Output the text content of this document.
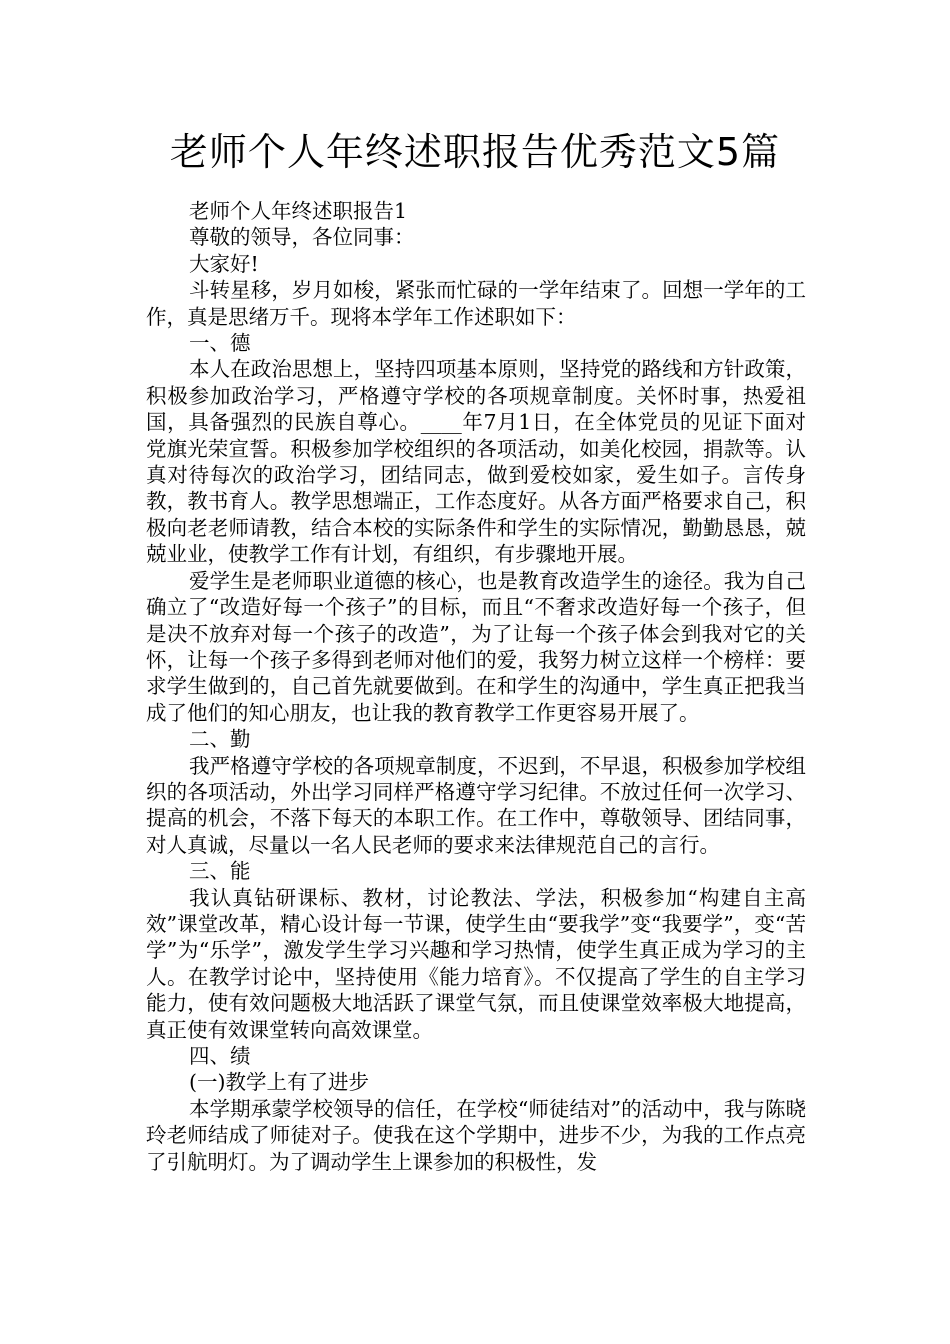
老师个人年终述职报告优秀范文5篇

老师个人年终述职报告1

尊敬的领导，各位同事：

大家好!

斗转星移，岁月如梭，紧张而忙碌的一学年结束了。回想一学年的工作，真是思绪万千。现将本学年工作述职如下：

一、德

本人在政治思想上，坚持四项基本原则，坚持党的路线和方针政策，积极参加政治学习，严格遵守学校的各项规章制度。关怀时事，热爱祖国，具备强烈的民族自尊心。____年7月1日，在全体党员的见证下面对党旗光荣宣誓。积极参加学校组织的各项活动，如美化校园，捐款等。认真对待每次的政治学习，团结同志，做到爱校如家，爱生如子。言传身教，教书育人。教学思想端正，工作态度好。从各方面严格要求自己，积极向老老师请教，结合本校的实际条件和学生的实际情况，勤勤恳恳，兢兢业业，使教学工作有计划，有组织，有步骤地开展。

爱学生是老师职业道德的核心，也是教育改造学生的途径。我为自己确立了“改造好每一个孩子”的目标，而且“不奢求改造好每一个孩子，但是决不放弃对每一个孩子的改造”，为了让每一个孩子体会到我对它的关怀，让每一个孩子多得到老师对他们的爱，我努力树立这样一个榜样：要求学生做到的，自己首先就要做到。在和学生的沟通中，学生真正把我当成了他们的知心朋友，也让我的教育教学工作更容易开展了。

二、勤

我严格遵守学校的各项规章制度，不迟到，不早退，积极参加学校组织的各项活动，外出学习同样严格遵守学习纪律。不放过任何一次学习、提高的机会，不落下每天的本职工作。在工作中，尊敬领导、团结同事，对人真诚，尽量以一名人民老师的要求来法律规范自己的言行。

三、能

我认真钻研课标、教材，讨论教法、学法，积极参加“构建自主高效”课堂改革，精心设计每一节课，使学生由“要我学”变“我要学”，变“苦学”为“乐学”，激发学生学习兴趣和学习热情，使学生真正成为学习的主人。在教学讨论中，坚持使用《能力培育》。不仅提高了学生的自主学习能力，使有效问题极大地活跃了课堂气氛，而且使课堂效率极大地提高，真正使有效课堂转向高效课堂。

四、绩

(一)教学上有了进步

本学期承蒙学校领导的信任，在学校“师徒结对”的活动中，我与陈晓玲老师结成了师徒对子。使我在这个学期中，进步不少，为我的工作点亮了引航明灯。为了调动学生上课参加的积极性，发
